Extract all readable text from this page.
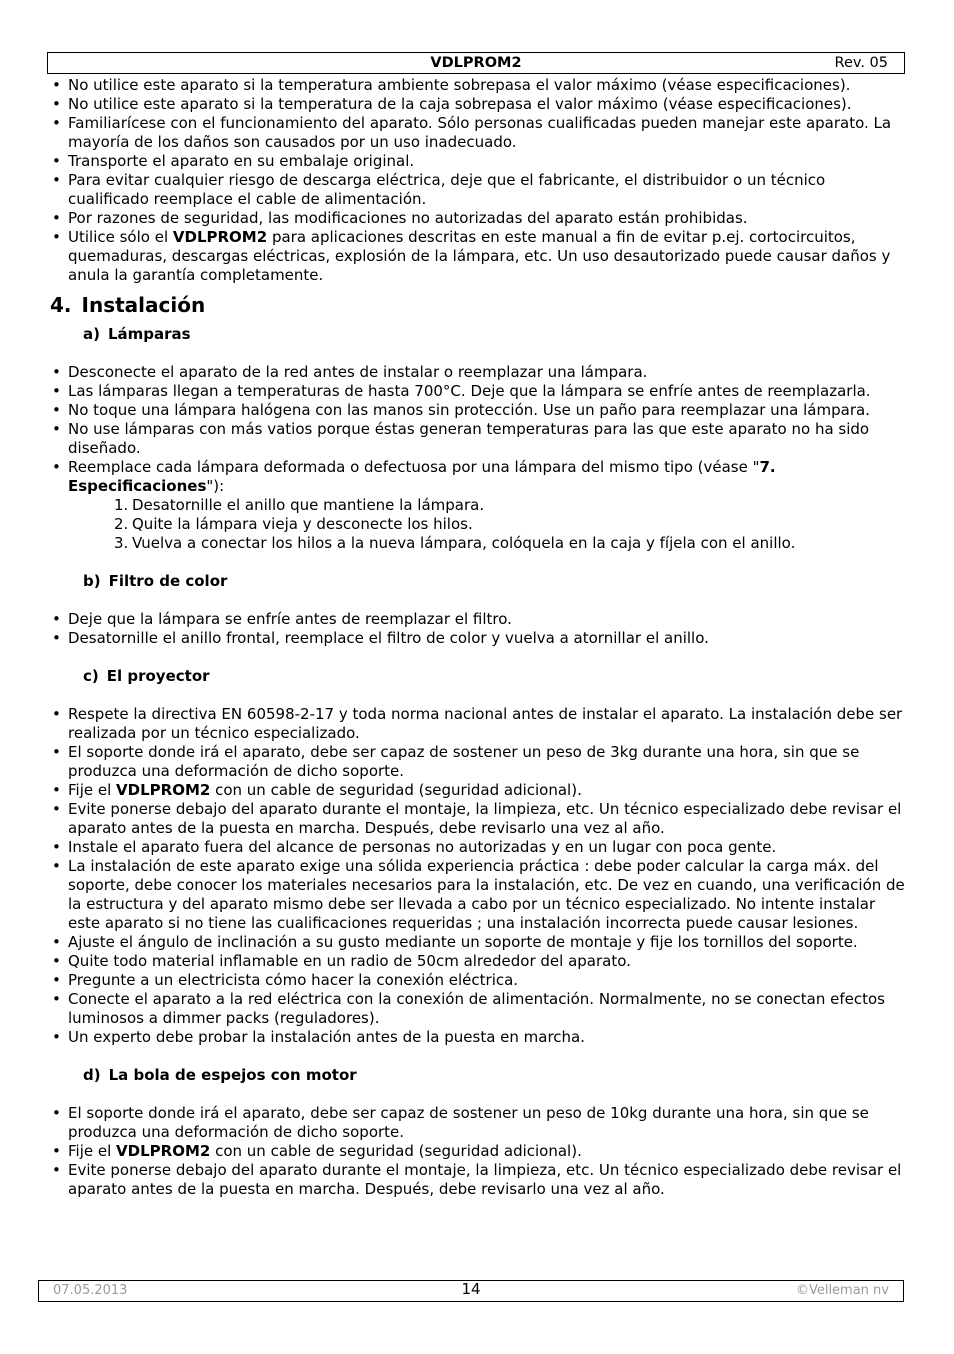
VDLPROM2	Rev. 05
• No utilice este aparato si la temperatura ambiente sobrepasa el valor máximo (véase especificaciones).
• No utilice este aparato si la temperatura de la caja sobrepasa el valor máximo (véase especificaciones).
• Familiarícese con el funcionamiento del aparato. Sólo personas cualificadas pueden manejar este aparato. La mayoría de los daños son causados por un uso inadecuado.
• Transporte el aparato en su embalaje original.
• Para evitar cualquier riesgo de descarga eléctrica, deje que el fabricante, el distribuidor o un técnico cualificado reemplace el cable de alimentación.
• Por razones de seguridad, las modificaciones no autorizadas del aparato están prohibidas.
• Utilice sólo el VDLPROM2 para aplicaciones descritas en este manual a fin de evitar p.ej. cortocircuitos, quemaduras, descargas eléctricas, explosión de la lámpara, etc. Un uso desautorizado puede causar daños y anula la garantía completamente.
4. Instalación
a) Lámparas
• Desconecte el aparato de la red antes de instalar o reemplazar una lámpara.
• Las lámparas llegan a temperaturas de hasta 700°C. Deje que la lámpara se enfríe antes de reemplazarla.
• No toque una lámpara halógena con las manos sin protección. Use un paño para reemplazar una lámpara.
• No use lámparas con más vatios porque éstas generan temperaturas para las que este aparato no ha sido diseñado.
• Reemplace cada lámpara deformada o defectuosa por una lámpara del mismo tipo (véase "7. Especificaciones"):
1. Desatornille el anillo que mantiene la lámpara.
2. Quite la lámpara vieja y desconecte los hilos.
3. Vuelva a conectar los hilos a la nueva lámpara, colóquela en la caja y fíjela con el anillo.
b) Filtro de color
• Deje que la lámpara se enfríe antes de reemplazar el filtro.
• Desatornille el anillo frontal, reemplace el filtro de color y vuelva a atornillar el anillo.
c) El proyector
• Respete la directiva EN 60598-2-17 y toda norma nacional antes de instalar el aparato. La instalación debe ser realizada por un técnico especializado.
• El soporte donde irá el aparato, debe ser capaz de sostener un peso de 3kg durante una hora, sin que se produzca una deformación de dicho soporte.
• Fije el VDLPROM2 con un cable de seguridad (seguridad adicional).
• Evite ponerse debajo del aparato durante el montaje, la limpieza, etc. Un técnico especializado debe revisar el aparato antes de la puesta en marcha. Después, debe revisarlo una vez al año.
• Instale el aparato fuera del alcance de personas no autorizadas y en un lugar con poca gente.
• La instalación de este aparato exige una sólida experiencia práctica : debe poder calcular la carga máx. del soporte, debe conocer los materiales necesarios para la instalación, etc. De vez en cuando, una verificación de la estructura y del aparato mismo debe ser llevada a cabo por un técnico especializado. No intente instalar este aparato si no tiene las cualificaciones requeridas ; una instalación incorrecta puede causar lesiones.
• Ajuste el ángulo de inclinación a su gusto mediante un soporte de montaje y fije los tornillos del soporte.
• Quite todo material inflamable en un radio de 50cm alrededor del aparato.
• Pregunte a un electricista cómo hacer la conexión eléctrica.
• Conecte el aparato a la red eléctrica con la conexión de alimentación. Normalmente, no se conectan efectos luminosos a dimmer packs (reguladores).
• Un experto debe probar la instalación antes de la puesta en marcha.
d) La bola de espejos con motor
• El soporte donde irá el aparato, debe ser capaz de sostener un peso de 10kg durante una hora, sin que se produzca una deformación de dicho soporte.
• Fije el VDLPROM2 con un cable de seguridad (seguridad adicional).
• Evite ponerse debajo del aparato durante el montaje, la limpieza, etc. Un técnico especializado debe revisar el aparato antes de la puesta en marcha. Después, debe revisarlo una vez al año.
07.05.2013	14	©Velleman nv
